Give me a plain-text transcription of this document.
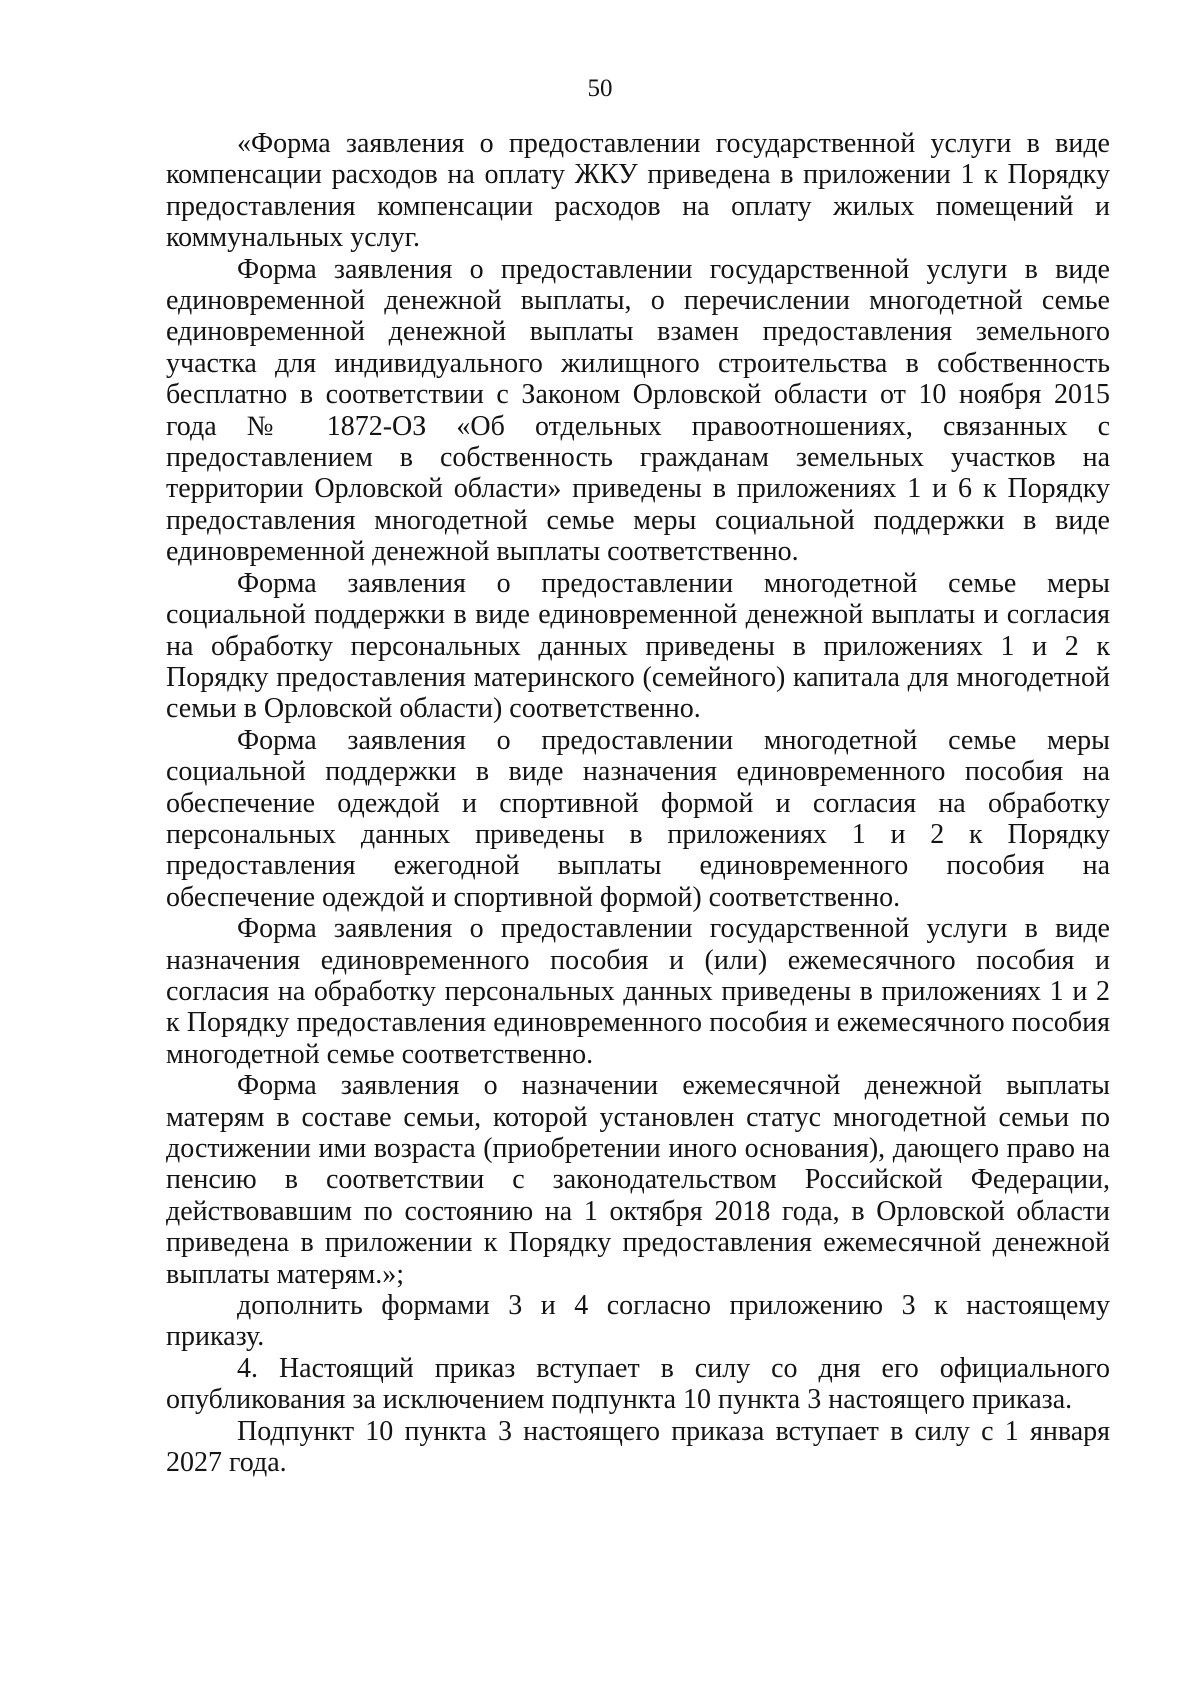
50

«Форма заявления о предоставлении государственной услуги в виде компенсации расходов на оплату ЖКУ приведена в приложении 1 к Порядку предоставления компенсации расходов на оплату жилых помещений и коммунальных услуг.

Форма заявления о предоставлении государственной услуги в виде единовременной денежной выплаты, о перечислении многодетной семье единовременной денежной выплаты взамен предоставления земельного участка для индивидуального жилищного строительства в собственность бесплатно в соответствии с Законом Орловской области от 10 ноября 2015 года № 1872-ОЗ «Об отдельных правоотношениях, связанных с предоставлением в собственность гражданам земельных участков на территории Орловской области» приведены в приложениях 1 и 6 к Порядку предоставления многодетной семье меры социальной поддержки в виде единовременной денежной выплаты соответственно.

Форма заявления о предоставлении многодетной семье меры социальной поддержки в виде единовременной денежной выплаты и согласия на обработку персональных данных приведены в приложениях 1 и 2 к Порядку предоставления материнского (семейного) капитала для многодетной семьи в Орловской области) соответственно.

Форма заявления о предоставлении многодетной семье меры социальной поддержки в виде назначения единовременного пособия на обеспечение одеждой и спортивной формой и согласия на обработку персональных данных приведены в приложениях 1 и 2 к Порядку предоставления ежегодной выплаты единовременного пособия на обеспечение одеждой и спортивной формой) соответственно.

Форма заявления о предоставлении государственной услуги в виде назначения единовременного пособия и (или) ежемесячного пособия и согласия на обработку персональных данных приведены в приложениях 1 и 2 к Порядку предоставления единовременного пособия и ежемесячного пособия многодетной семье соответственно.

Форма заявления о назначении ежемесячной денежной выплаты матерям в составе семьи, которой установлен статус многодетной семьи по достижении ими возраста (приобретении иного основания), дающего право на пенсию в соответствии с законодательством Российской Федерации, действовавшим по состоянию на 1 октября 2018 года, в Орловской области приведена в приложении к Порядку предоставления ежемесячной денежной выплаты матерям.»;

дополнить формами 3 и 4 согласно приложению 3 к настоящему приказу.

4. Настоящий приказ вступает в силу со дня его официального опубликования за исключением подпункта 10 пункта 3 настоящего приказа.

Подпункт 10 пункта 3 настоящего приказа вступает в силу с 1 января 2027 года.
